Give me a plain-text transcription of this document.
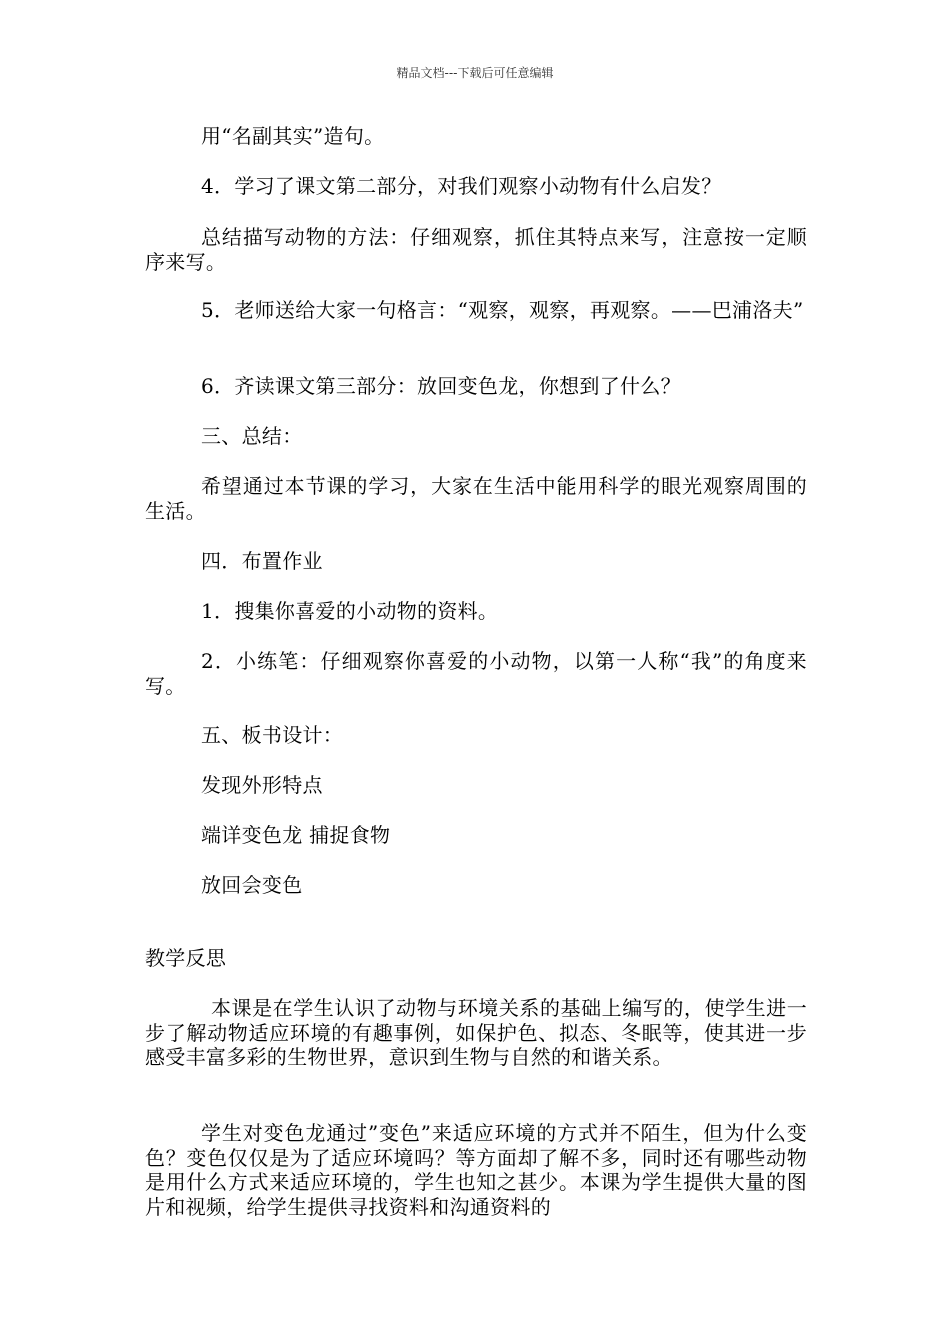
精品文档---下载后可任意编辑
用“名副其实”造句。
4．学习了课文第二部分，对我们观察小动物有什么启发？
总结描写动物的方法：仔细观察，抓住其特点来写，注意按一定顺序来写。
5．老师送给大家一句格言：“观察，观察，再观察。——巴浦洛夫”
6．齐读课文第三部分：放回变色龙，你想到了什么？
三、总结：
希望通过本节课的学习，大家在生活中能用科学的眼光观察周围的生活。
四．布置作业
1．搜集你喜爱的小动物的资料。
2．小练笔：仔细观察你喜爱的小动物，以第一人称“我”的角度来写。
五、板书设计：
发现外形特点
端详变色龙 捕捉食物
放回会变色
教学反思
本课是在学生认识了动物与环境关系的基础上编写的，使学生进一步了解动物适应环境的有趣事例，如保护色、拟态、冬眠等，使其进一步感受丰富多彩的生物世界，意识到生物与自然的和谐关系。
学生对变色龙通过”变色”来适应环境的方式并不陌生，但为什么变色？变色仅仅是为了适应环境吗？等方面却了解不多，同时还有哪些动物是用什么方式来适应环境的，学生也知之甚少。本课为学生提供大量的图片和视频，给学生提供寻找资料和沟通资料的
